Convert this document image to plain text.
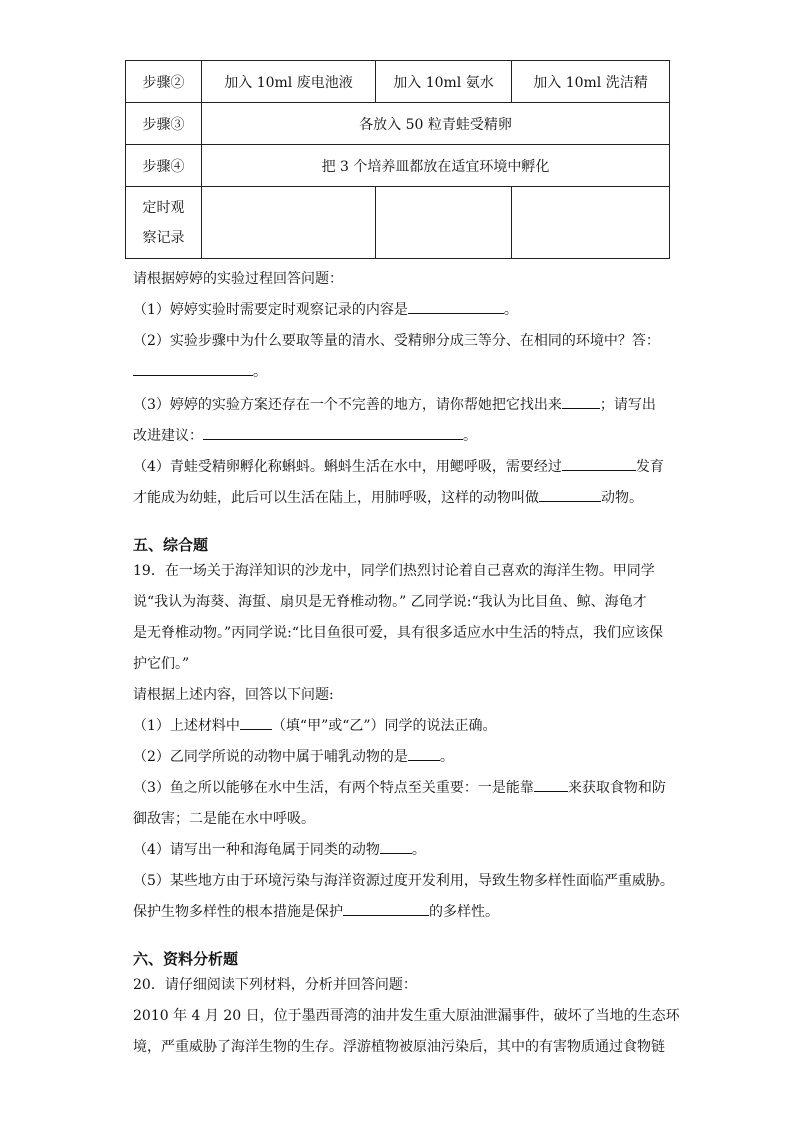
步骤②	加入 10ml 废电池液	加入 10ml 氨水	加入 10ml 洗洁精
步骤③	各放入 50 粒青蛙受精卵		
步骤④	把 3 个培养皿都放在适宜环境中孵化		

定时观
察记录			

请根据婷婷的实验过程回答问题：
（1）婷婷实验时需要定时观察记录的内容是	。
（2）实验步骤中为什么要取等量的清水、受精卵分成三等分、在相同的环境中？答：
。
（3）婷婷的实验方案还存在一个不完善的地方，请你帮她把它找出来	；请写出
改进建议：	。
（4）青蛙受精卵孵化称蝌蚪。蝌蚪生活在水中，用鳃呼吸，需要经过	发育
才能成为幼蛙，此后可以生活在陆上，用肺呼吸，这样的动物叫做	动物。
五、综合题
19．在一场关于海洋知识的沙龙中，同学们热烈讨论着自己喜欢的海洋生物。甲同学
说“我认为海葵、海蜇、扇贝是无脊椎动物。” 乙同学说:“我认为比目鱼、鲸、海龟才
是无脊椎动物。”丙同学说:“比目鱼很可爱，具有很多适应水中生活的特点，我们应该保
护它们。”
请根据上述内容，回答以下问题:
（1）上述材料中 （填“甲”或“乙”）同学的说法正确。
（2）乙同学所说的动物中属于哺乳动物的是 。
（3）鱼之所以能够在水中生活，有两个特点至关重要：一是能靠 来获取食物和防
御敌害；二是能在水中呼吸。
（4）请写出一种和海龟属于同类的动物 。
（5）某些地方由于环境污染与海洋资源过度开发利用，导致生物多样性面临严重威胁。
保护生物多样性的根本措施是保护	的多样性。
六、资料分析题
20．请仔细阅读下列材料，分析并回答问题：
2010 年 4 月 20 日，位于墨西哥湾的油井发生重大原油泄漏事件，破坏了当地的生态环
境，严重威胁了海洋生物的生存。浮游植物被原油污染后，其中的有害物质通过食物链
